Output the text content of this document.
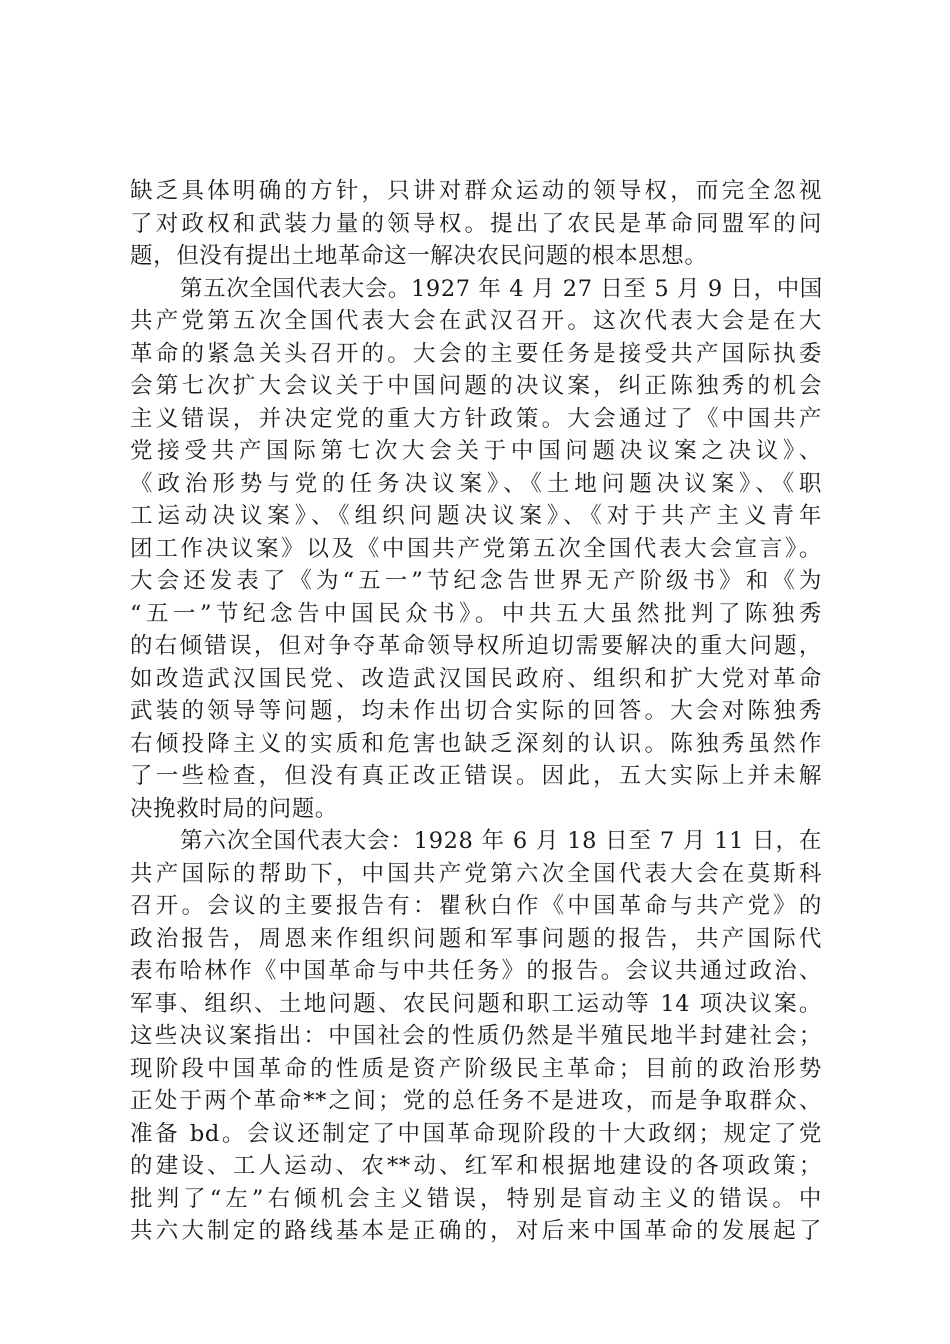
缺乏具体明确的方针，只讲对群众运动的领导权，而完全忽视
了对政权和武装力量的领导权。提出了农民是革命同盟军的问
题，但没有提出土地革命这一解决农民问题的根本思想。
第五次全国代表大会。1927 年 4 月 27 日至 5 月 9 日，中国
共产党第五次全国代表大会在武汉召开。这次代表大会是在大
革命的紧急关头召开的。大会的主要任务是接受共产国际执委
会第七次扩大会议关于中国问题的决议案，纠正陈独秀的机会
主义错误，并决定党的重大方针政策。大会通过了《中国共产
党接受共产国际第七次大会关于中国问题决议案之决议》、
《政治形势与党的任务决议案》、《土地问题决议案》、《职
工运动决议案》、《组织问题决议案》、《对于共产主义青年
团工作决议案》以及《中国共产党第五次全国代表大会宣言》。
大会还发表了《为“五一”节纪念告世界无产阶级书》和《为
“五一”节纪念告中国民众书》。中共五大虽然批判了陈独秀
的右倾错误，但对争夺革命领导权所迫切需要解决的重大问题，
如改造武汉国民党、改造武汉国民政府、组织和扩大党对革命
武装的领导等问题，均未作出切合实际的回答。大会对陈独秀
右倾投降主义的实质和危害也缺乏深刻的认识。陈独秀虽然作
了一些检查，但没有真正改正错误。因此，五大实际上并未解
决挽救时局的问题。
第六次全国代表大会：1928 年 6 月 18 日至 7 月 11 日，在
共产国际的帮助下，中国共产党第六次全国代表大会在莫斯科
召开。会议的主要报告有：瞿秋白作《中国革命与共产党》的
政治报告，周恩来作组织问题和军事问题的报告，共产国际代
表布哈林作《中国革命与中共任务》的报告。会议共通过政治、
军事、组织、土地问题、农民问题和职工运动等 14 项决议案。
这些决议案指出：中国社会的性质仍然是半殖民地半封建社会；
现阶段中国革命的性质是资产阶级民主革命；目前的政治形势
正处于两个革命**之间；党的总任务不是进攻，而是争取群众、
准备 bd。会议还制定了中国革命现阶段的十大政纲；规定了党
的建设、工人运动、农**动、红军和根据地建设的各项政策；
批判了“左”右倾机会主义错误，特别是盲动主义的错误。中
共六大制定的路线基本是正确的，对后来中国革命的发展起了
